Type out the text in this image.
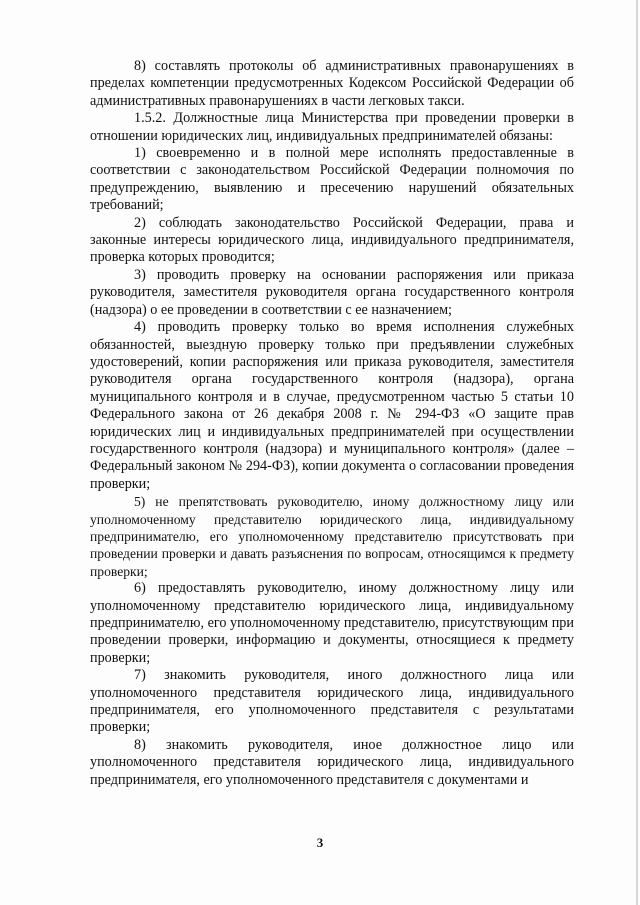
8) составлять протоколы об административных правонарушениях в пределах компетенции предусмотренных Кодексом Российской Федерации об административных правонарушениях в части легковых такси.

1.5.2. Должностные лица Министерства при проведении проверки в отношении юридических лиц, индивидуальных предпринимателей обязаны:

1) своевременно и в полной мере исполнять предоставленные в соответствии с законодательством Российской Федерации полномочия по предупреждению, выявлению и пресечению нарушений обязательных требований;

2) соблюдать законодательство Российской Федерации, права и законные интересы юридического лица, индивидуального предпринимателя, проверка которых проводится;

3) проводить проверку на основании распоряжения или приказа руководителя, заместителя руководителя органа государственного контроля (надзора) о ее проведении в соответствии с ее назначением;

4) проводить проверку только во время исполнения служебных обязанностей, выездную проверку только при предъявлении служебных удостоверений, копии распоряжения или приказа руководителя, заместителя руководителя органа государственного контроля (надзора), органа муниципального контроля и в случае, предусмотренном частью 5 статьи 10 Федерального закона от 26 декабря 2008 г. № 294-ФЗ «О защите прав юридических лиц и индивидуальных предпринимателей при осуществлении государственного контроля (надзора) и муниципального контроля» (далее – Федеральный законом № 294-ФЗ), копии документа о согласовании проведения проверки;

5) не препятствовать руководителю, иному должностному лицу или уполномоченному представителю юридического лица, индивидуальному предпринимателю, его уполномоченному представителю присутствовать при проведении проверки и давать разъяснения по вопросам, относящимся к предмету проверки;

6) предоставлять руководителю, иному должностному лицу или уполномоченному представителю юридического лица, индивидуальному предпринимателю, его уполномоченному представителю, присутствующим при проведении проверки, информацию и документы, относящиеся к предмету проверки;

7) знакомить руководителя, иного должностного лица или уполномоченного представителя юридического лица, индивидуального предпринимателя, его уполномоченного представителя с результатами проверки;

8) знакомить руководителя, иное должностное лицо или уполномоченного представителя юридического лица, индивидуального предпринимателя, его уполномоченного представителя с документами и

3
